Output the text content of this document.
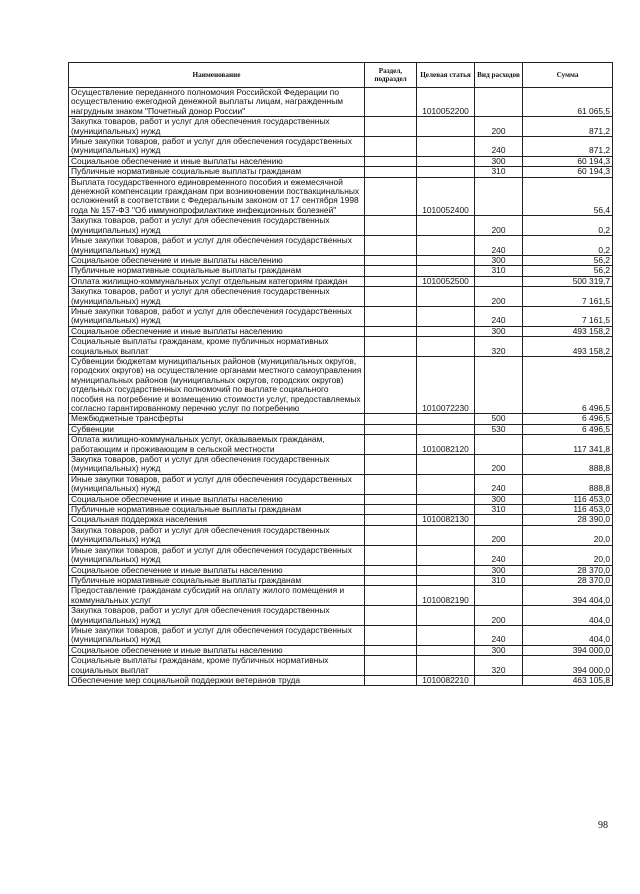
Наименование	Раздел, подраздел	Целевая статья	Вид расходов	Сумма
Осуществление переданного полномочия Российской Федерации по осуществлению ежегодной денежной выплаты лицам, награжденным нагрудным знаком "Почетный донор России"		1010052200		61 065,5
Закупка товаров, работ и услуг для обеспечения государственных (муниципальных) нужд			200	871,2
Иные закупки товаров, работ и услуг для обеспечения государственных (муниципальных) нужд			240	871,2
Социальное обеспечение и иные выплаты населению			300	60 194,3
Публичные нормативные социальные выплаты гражданам			310	60 194,3
Выплата государственного единовременного пособия и ежемесячной денежной компенсации гражданам при возникновении поствакцинальных осложнений в соответствии с Федеральным законом от 17 сентября 1998 года № 157-ФЗ "Об иммунопрофилактике инфекционных болезней"		1010052400		56,4
Закупка товаров, работ и услуг для обеспечения государственных (муниципальных) нужд			200	0,2
Иные закупки товаров, работ и услуг для обеспечения государственных (муниципальных) нужд			240	0,2
Социальное обеспечение и иные выплаты населению			300	56,2
Публичные нормативные социальные выплаты гражданам			310	56,2
Оплата жилищно-коммунальных услуг отдельным категориям граждан		1010052500		500 319,7
Закупка товаров, работ и услуг для обеспечения государственных (муниципальных) нужд			200	7 161,5
Иные закупки товаров, работ и услуг для обеспечения государственных (муниципальных) нужд			240	7 161,5
Социальное обеспечение и иные выплаты населению			300	493 158,2
Социальные выплаты гражданам, кроме публичных нормативных социальных выплат			320	493 158,2
Субвенции бюджетам муниципальных районов (муниципальных округов, городских округов) на осуществление органами местного самоуправления муниципальных районов (муниципальных округов, городских округов) отдельных государственных полномочий по выплате социального пособия на погребение и возмещению стоимости услуг, предоставляемых согласно гарантированному перечню услуг по погребению		1010072230		6 496,5
Межбюджетные трансферты			500	6 496,5
Субвенции			530	6 496,5
Оплата жилищно-коммунальных услуг, оказываемых гражданам, работающим и проживающим в сельской местности		1010082120		117 341,8
Закупка товаров, работ и услуг для обеспечения государственных (муниципальных) нужд			200	888,8
Иные закупки товаров, работ и услуг для обеспечения государственных (муниципальных) нужд			240	888,8
Социальное обеспечение и иные выплаты населению			300	116 453,0
Публичные нормативные социальные выплаты гражданам			310	116 453,0
Социальная поддержка населения		1010082130		28 390,0
Закупка товаров, работ и услуг для обеспечения государственных (муниципальных) нужд			200	20,0
Иные закупки товаров, работ и услуг для обеспечения государственных (муниципальных) нужд			240	20,0
Социальное обеспечение и иные выплаты населению			300	28 370,0
Публичные нормативные социальные выплаты гражданам			310	28 370,0
Предоставление гражданам субсидий на оплату жилого помещения и коммунальных услуг		1010082190		394 404,0
Закупка товаров, работ и услуг для обеспечения государственных (муниципальных) нужд			200	404,0
Иные закупки товаров, работ и услуг для обеспечения государственных (муниципальных) нужд			240	404,0
Социальное обеспечение и иные выплаты населению			300	394 000,0
Социальные выплаты гражданам, кроме публичных нормативных социальных выплат			320	394 000,0
Обеспечение мер социальной поддержки ветеранов труда		1010082210		463 105,8
98
